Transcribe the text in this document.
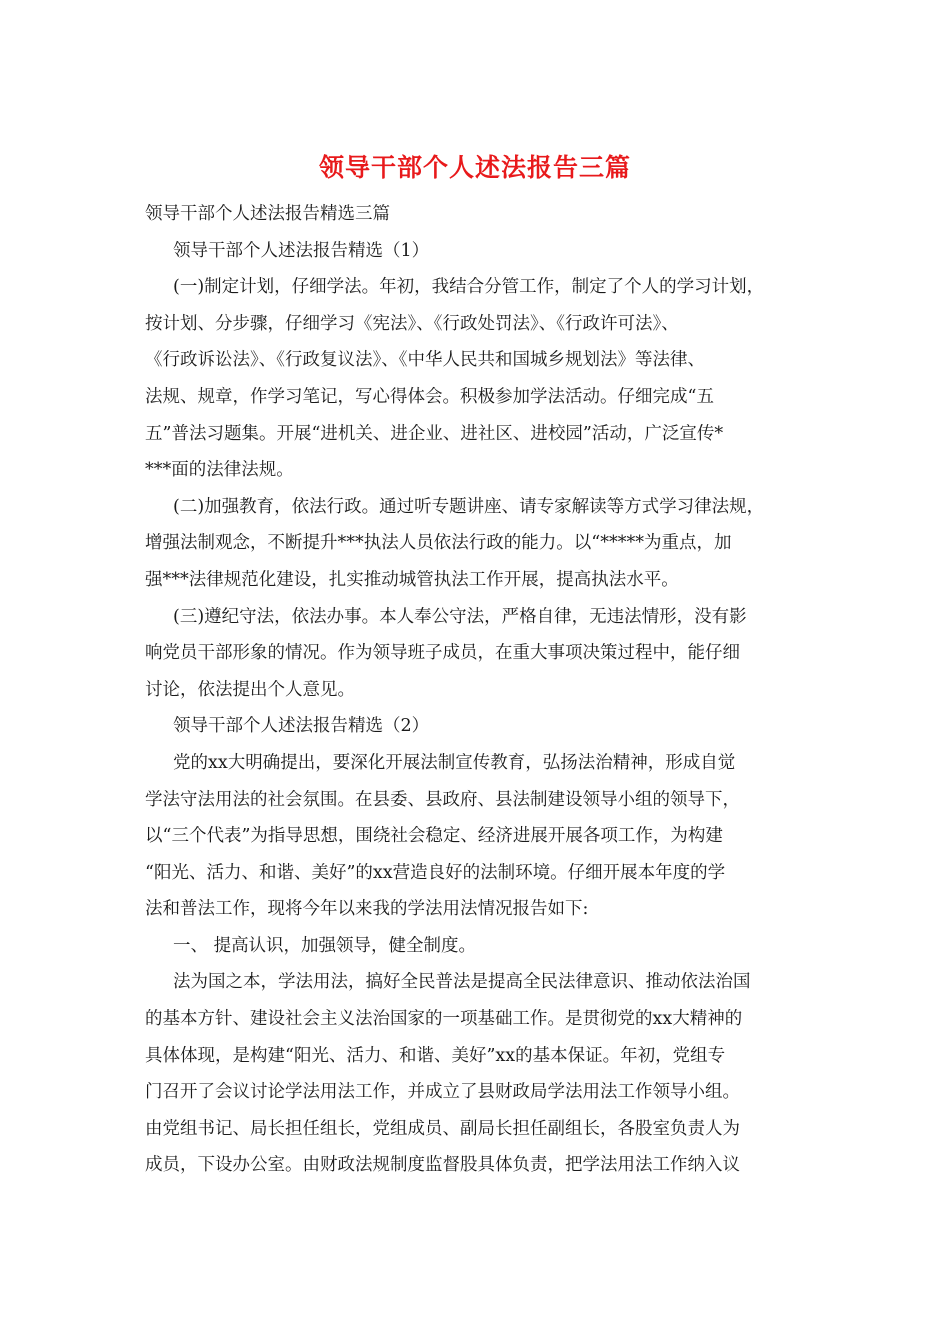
领导干部个人述法报告三篇
领导干部个人述法报告精选三篇
领导干部个人述法报告精选（1）
(一)制定计划，仔细学法。年初，我结合分管工作，制定了个人的学习计划，
按计划、分步骤，仔细学习《宪法》、《行政处罚法》、《行政许可法》、
《行政诉讼法》、《行政复议法》、《中华人民共和国城乡规划法》等法律、
法规、规章，作学习笔记，写心得体会。积极参加学法活动。仔细完成“五
五”普法习题集。开展“进机关、进企业、进社区、进校园”活动，广泛宣传*
***面的法律法规。
(二)加强教育，依法行政。通过听专题讲座、请专家解读等方式学习律法规，
增强法制观念，不断提升***执法人员依法行政的能力。以“*****为重点，加
强***法律规范化建设，扎实推动城管执法工作开展，提高执法水平。
(三)遵纪守法，依法办事。本人奉公守法，严格自律，无违法情形，没有影
响党员干部形象的情况。作为领导班子成员，在重大事项决策过程中，能仔细
讨论，依法提出个人意见。
领导干部个人述法报告精选（2）
党的xx大明确提出，要深化开展法制宣传教育，弘扬法治精神，形成自觉
学法守法用法的社会氛围。在县委、县政府、县法制建设领导小组的领导下，
以“三个代表”为指导思想，围绕社会稳定、经济进展开展各项工作，为构建
“阳光、活力、和谐、美好”的xx营造良好的法制环境。仔细开展本年度的学
法和普法工作，现将今年以来我的学法用法情况报告如下:
一、 提高认识，加强领导，健全制度。
法为国之本，学法用法，搞好全民普法是提高全民法律意识、推动依法治国
的基本方针、建设社会主义法治国家的一项基础工作。是贯彻党的xx大精神的
具体体现，是构建“阳光、活力、和谐、美好”xx的基本保证。年初，党组专
门召开了会议讨论学法用法工作，并成立了县财政局学法用法工作领导小组。
由党组书记、局长担任组长，党组成员、副局长担任副组长，各股室负责人为
成员，下设办公室。由财政法规制度监督股具体负责，把学法用法工作纳入议
